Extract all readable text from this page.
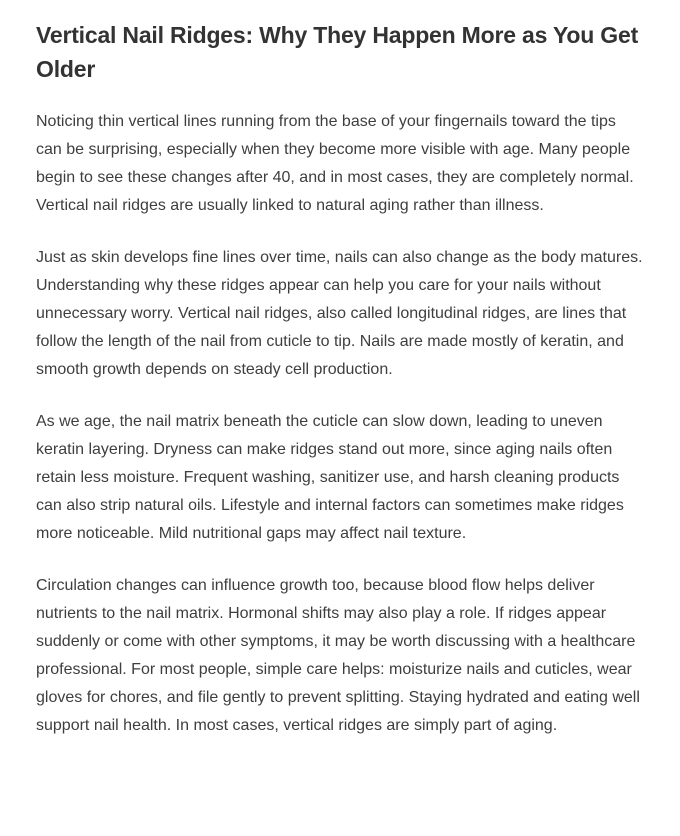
Vertical Nail Ridges: Why They Happen More as You Get Older

Noticing thin vertical lines running from the base of your fingernails toward the tips can be surprising, especially when they become more visible with age. Many people begin to see these changes after 40, and in most cases, they are completely normal. Vertical nail ridges are usually linked to natural aging rather than illness.

Just as skin develops fine lines over time, nails can also change as the body matures. Understanding why these ridges appear can help you care for your nails without unnecessary worry. Vertical nail ridges, also called longitudinal ridges, are lines that follow the length of the nail from cuticle to tip. Nails are made mostly of keratin, and smooth growth depends on steady cell production.

As we age, the nail matrix beneath the cuticle can slow down, leading to uneven keratin layering. Dryness can make ridges stand out more, since aging nails often retain less moisture. Frequent washing, sanitizer use, and harsh cleaning products can also strip natural oils. Lifestyle and internal factors can sometimes make ridges more noticeable. Mild nutritional gaps may affect nail texture.

Circulation changes can influence growth too, because blood flow helps deliver nutrients to the nail matrix. Hormonal shifts may also play a role. If ridges appear suddenly or come with other symptoms, it may be worth discussing with a healthcare professional. For most people, simple care helps: moisturize nails and cuticles, wear gloves for chores, and file gently to prevent splitting. Staying hydrated and eating well support nail health. In most cases, vertical ridges are simply part of aging.
